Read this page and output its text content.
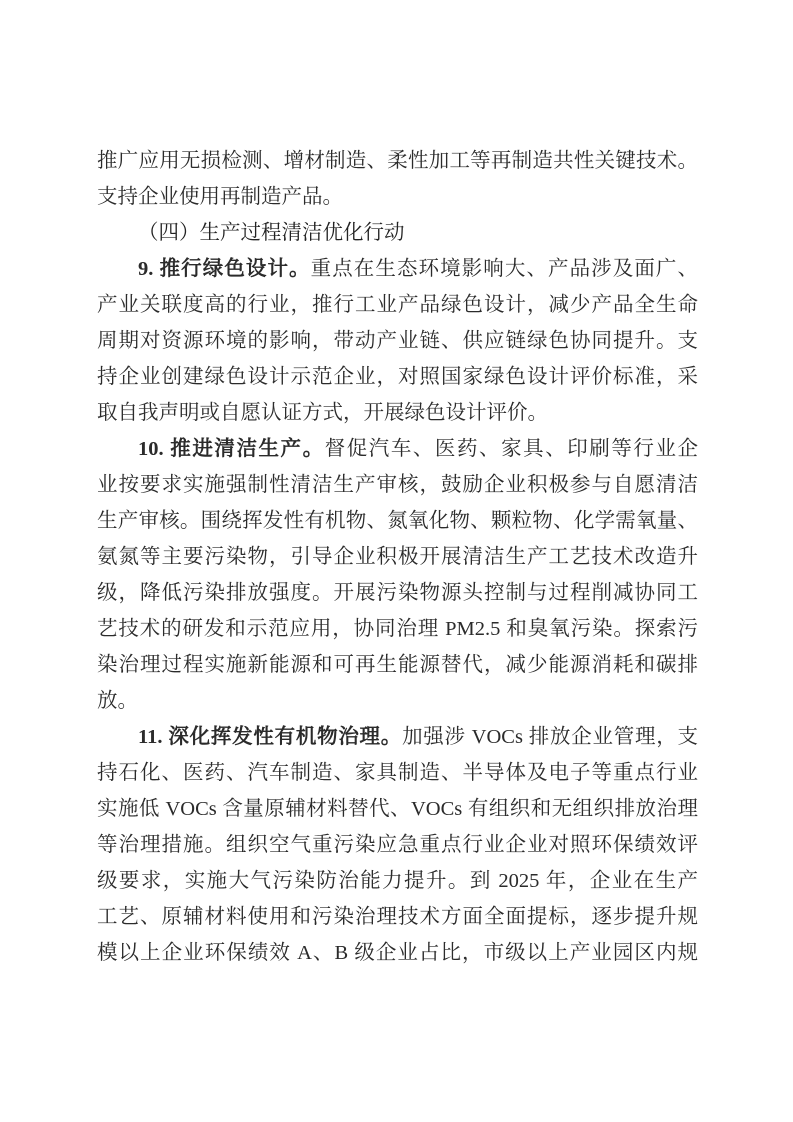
推广应用无损检测、增材制造、柔性加工等再制造共性关键技术。
支持企业使用再制造产品。
（四）生产过程清洁优化行动
9. 推行绿色设计。重点在生态环境影响大、产品涉及面广、
产业关联度高的行业，推行工业产品绿色设计，减少产品全生命
周期对资源环境的影响，带动产业链、供应链绿色协同提升。支
持企业创建绿色设计示范企业，对照国家绿色设计评价标准，采
取自我声明或自愿认证方式，开展绿色设计评价。
10. 推进清洁生产。督促汽车、医药、家具、印刷等行业企
业按要求实施强制性清洁生产审核，鼓励企业积极参与自愿清洁
生产审核。围绕挥发性有机物、氮氧化物、颗粒物、化学需氧量、
氨氮等主要污染物，引导企业积极开展清洁生产工艺技术改造升
级，降低污染排放强度。开展污染物源头控制与过程削减协同工
艺技术的研发和示范应用，协同治理 PM2.5 和臭氧污染。探索污
染治理过程实施新能源和可再生能源替代，减少能源消耗和碳排
放。
11. 深化挥发性有机物治理。加强涉 VOCs 排放企业管理，支
持石化、医药、汽车制造、家具制造、半导体及电子等重点行业
实施低 VOCs 含量原辅材料替代、VOCs 有组织和无组织排放治理
等治理措施。组织空气重污染应急重点行业企业对照环保绩效评
级要求，实施大气污染防治能力提升。到 2025 年，企业在生产
工艺、原辅材料使用和污染治理技术方面全面提标，逐步提升规
模以上企业环保绩效 A、B 级企业占比，市级以上产业园区内规
